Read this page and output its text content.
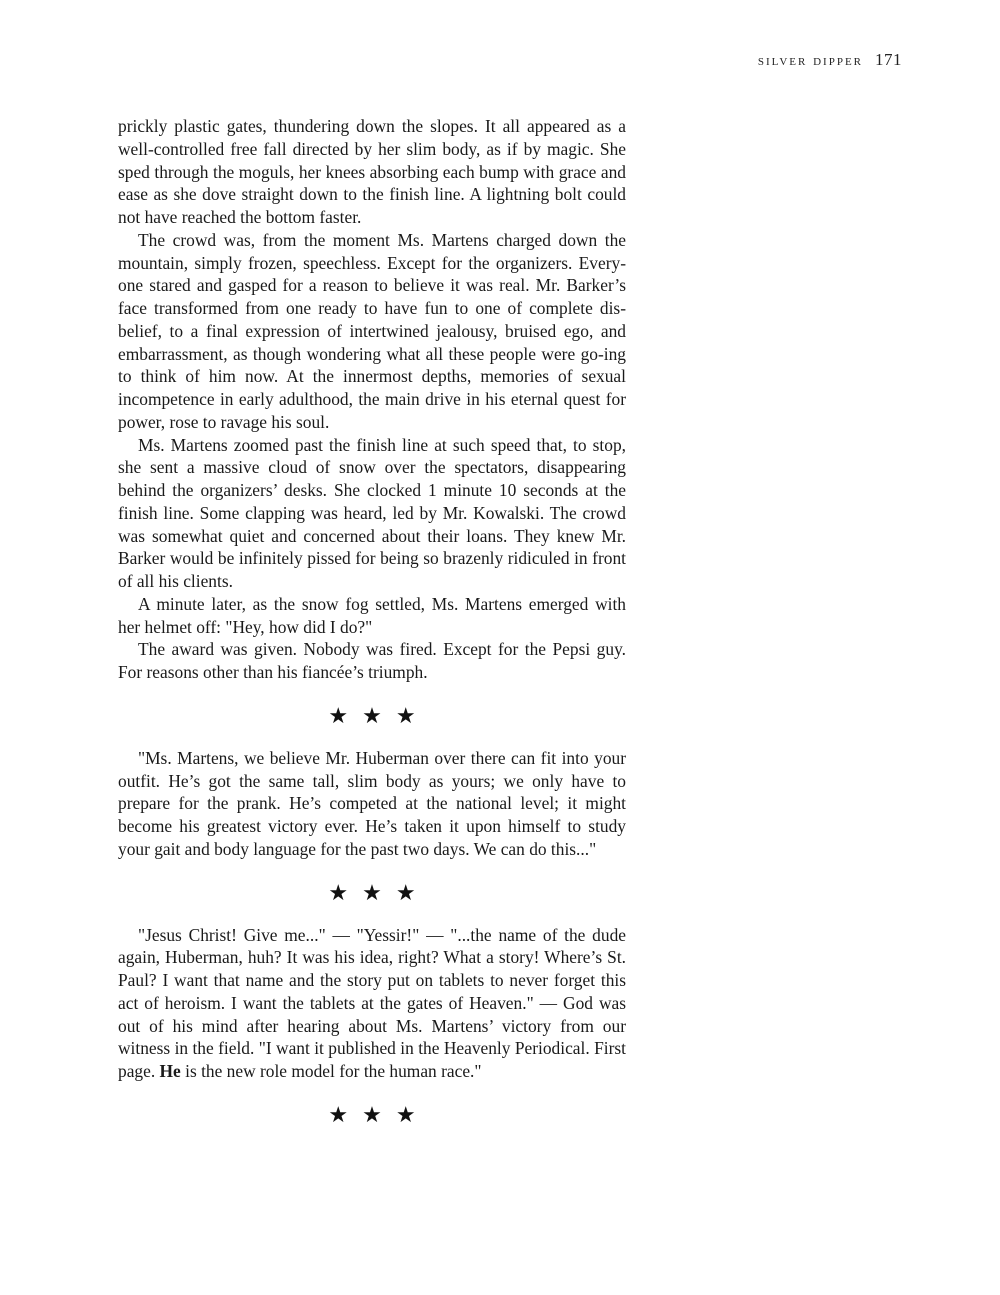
silver dipper 171

prickly plastic gates, thundering down the slopes. It all appeared as a well-controlled free fall directed by her slim body, as if by magic. She sped through the moguls, her knees absorbing each bump with grace and ease as she dove straight down to the finish line. A lightning bolt could not have reached the bottom faster.

The crowd was, from the moment Ms. Martens charged down the mountain, simply frozen, speechless. Except for the organizers. Every-one stared and gasped for a reason to believe it was real. Mr. Barker’s face transformed from one ready to have fun to one of complete dis-belief, to a final expression of intertwined jealousy, bruised ego, and embarrassment, as though wondering what all these people were go-ing to think of him now. At the innermost depths, memories of sexual incompetence in early adulthood, the main drive in his eternal quest for power, rose to ravage his soul.

Ms. Martens zoomed past the finish line at such speed that, to stop, she sent a massive cloud of snow over the spectators, disappearing behind the organizers’ desks. She clocked 1 minute 10 seconds at the finish line. Some clapping was heard, led by Mr. Kowalski. The crowd was somewhat quiet and concerned about their loans. They knew Mr. Barker would be infinitely pissed for being so brazenly ridiculed in front of all his clients.

A minute later, as the snow fog settled, Ms. Martens emerged with her helmet off: "Hey, how did I do?"

The award was given. Nobody was fired. Except for the Pepsi guy. For reasons other than his fiancée’s triumph.

★★★

"Ms. Martens, we believe Mr. Huberman over there can fit into your outfit. He’s got the same tall, slim body as yours; we only have to prepare for the prank. He’s competed at the national level; it might become his greatest victory ever. He’s taken it upon himself to study your gait and body language for the past two days. We can do this..."

★★★

"Jesus Christ! Give me..." — "Yessir!" — "...the name of the dude again, Huberman, huh? It was his idea, right? What a story! Where’s St. Paul? I want that name and the story put on tablets to never forget this act of heroism. I want the tablets at the gates of Heaven." — God was out of his mind after hearing about Ms. Martens’ victory from our witness in the field. "I want it published in the Heavenly Periodical. First page. He is the new role model for the human race."

★★★
